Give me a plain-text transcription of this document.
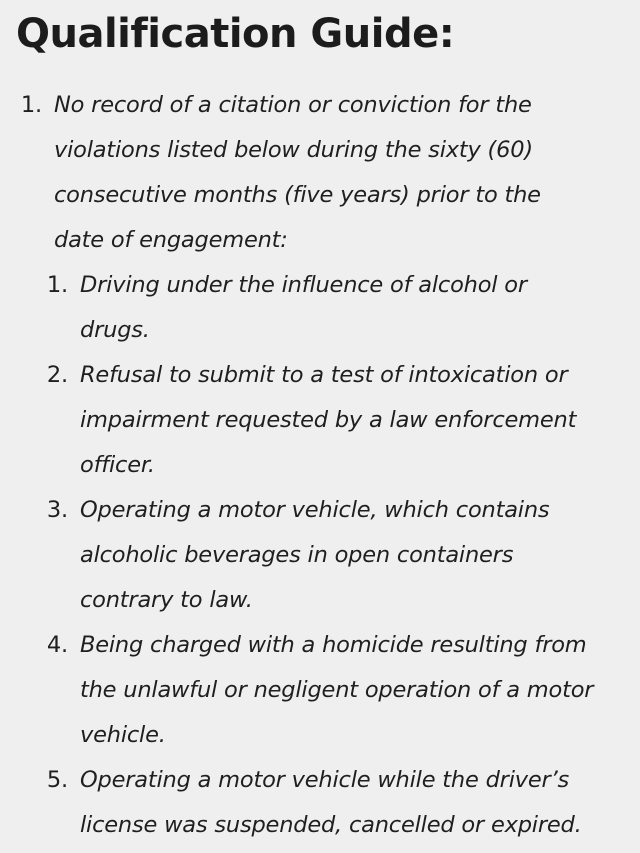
Qualification Guide:
1. No record of a citation or conviction for the
violations listed below during the sixty (60)
consecutive months (five years) prior to the
date of engagement:
1. Driving under the influence of alcohol or
drugs.
2. Refusal to submit to a test of intoxication or
impairment requested by a law enforcement
officer.
3. Operating a motor vehicle, which contains
alcoholic beverages in open containers
contrary to law.
4. Being charged with a homicide resulting from
the unlawful or negligent operation of a motor
vehicle.
5. Operating a motor vehicle while the driver’s
license was suspended, cancelled or expired.
